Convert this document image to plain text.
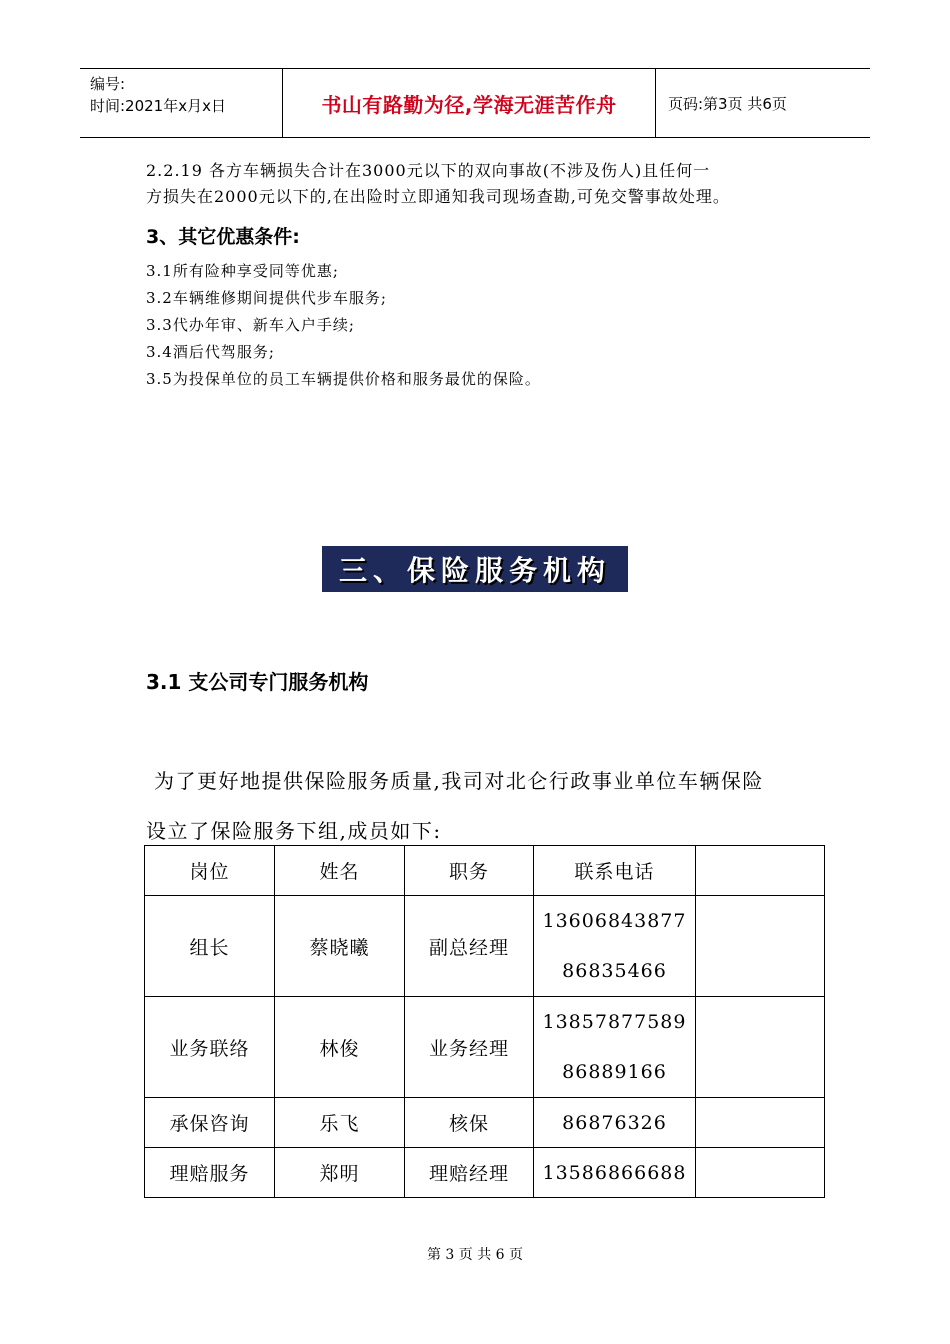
编号:
时间:2021年x月x日	书山有路勤为径,学海无涯苦作舟	页码:第3页 共6页
2.2.19 各方车辆损失合计在3000元以下的双向事故(不涉及伤人)且任何一
方损失在2000元以下的,在出险时立即通知我司现场查勘,可免交警事故处理。
3、其它优惠条件:
3.1所有险种享受同等优惠;
3.2车辆维修期间提供代步车服务;
3.3代办年审、新车入户手续;
3.4酒后代驾服务;
3.5为投保单位的员工车辆提供价格和服务最优的保险。
三、保险服务机构
3.1 支公司专门服务机构
为了更好地提供保险服务质量,我司对北仑行政事业单位车辆保险
设立了保险服务下组,成员如下:
岗位	姓名	职务	联系电话	
组长	蔡晓曦	副总经理	13606843877
86835466	

业务联络	林俊	业务经理	13857877589
86889166	

承保咨询	乐飞	核保	86876326	
理赔服务	郑明	理赔经理	13586866688	
第 3 页 共 6 页
